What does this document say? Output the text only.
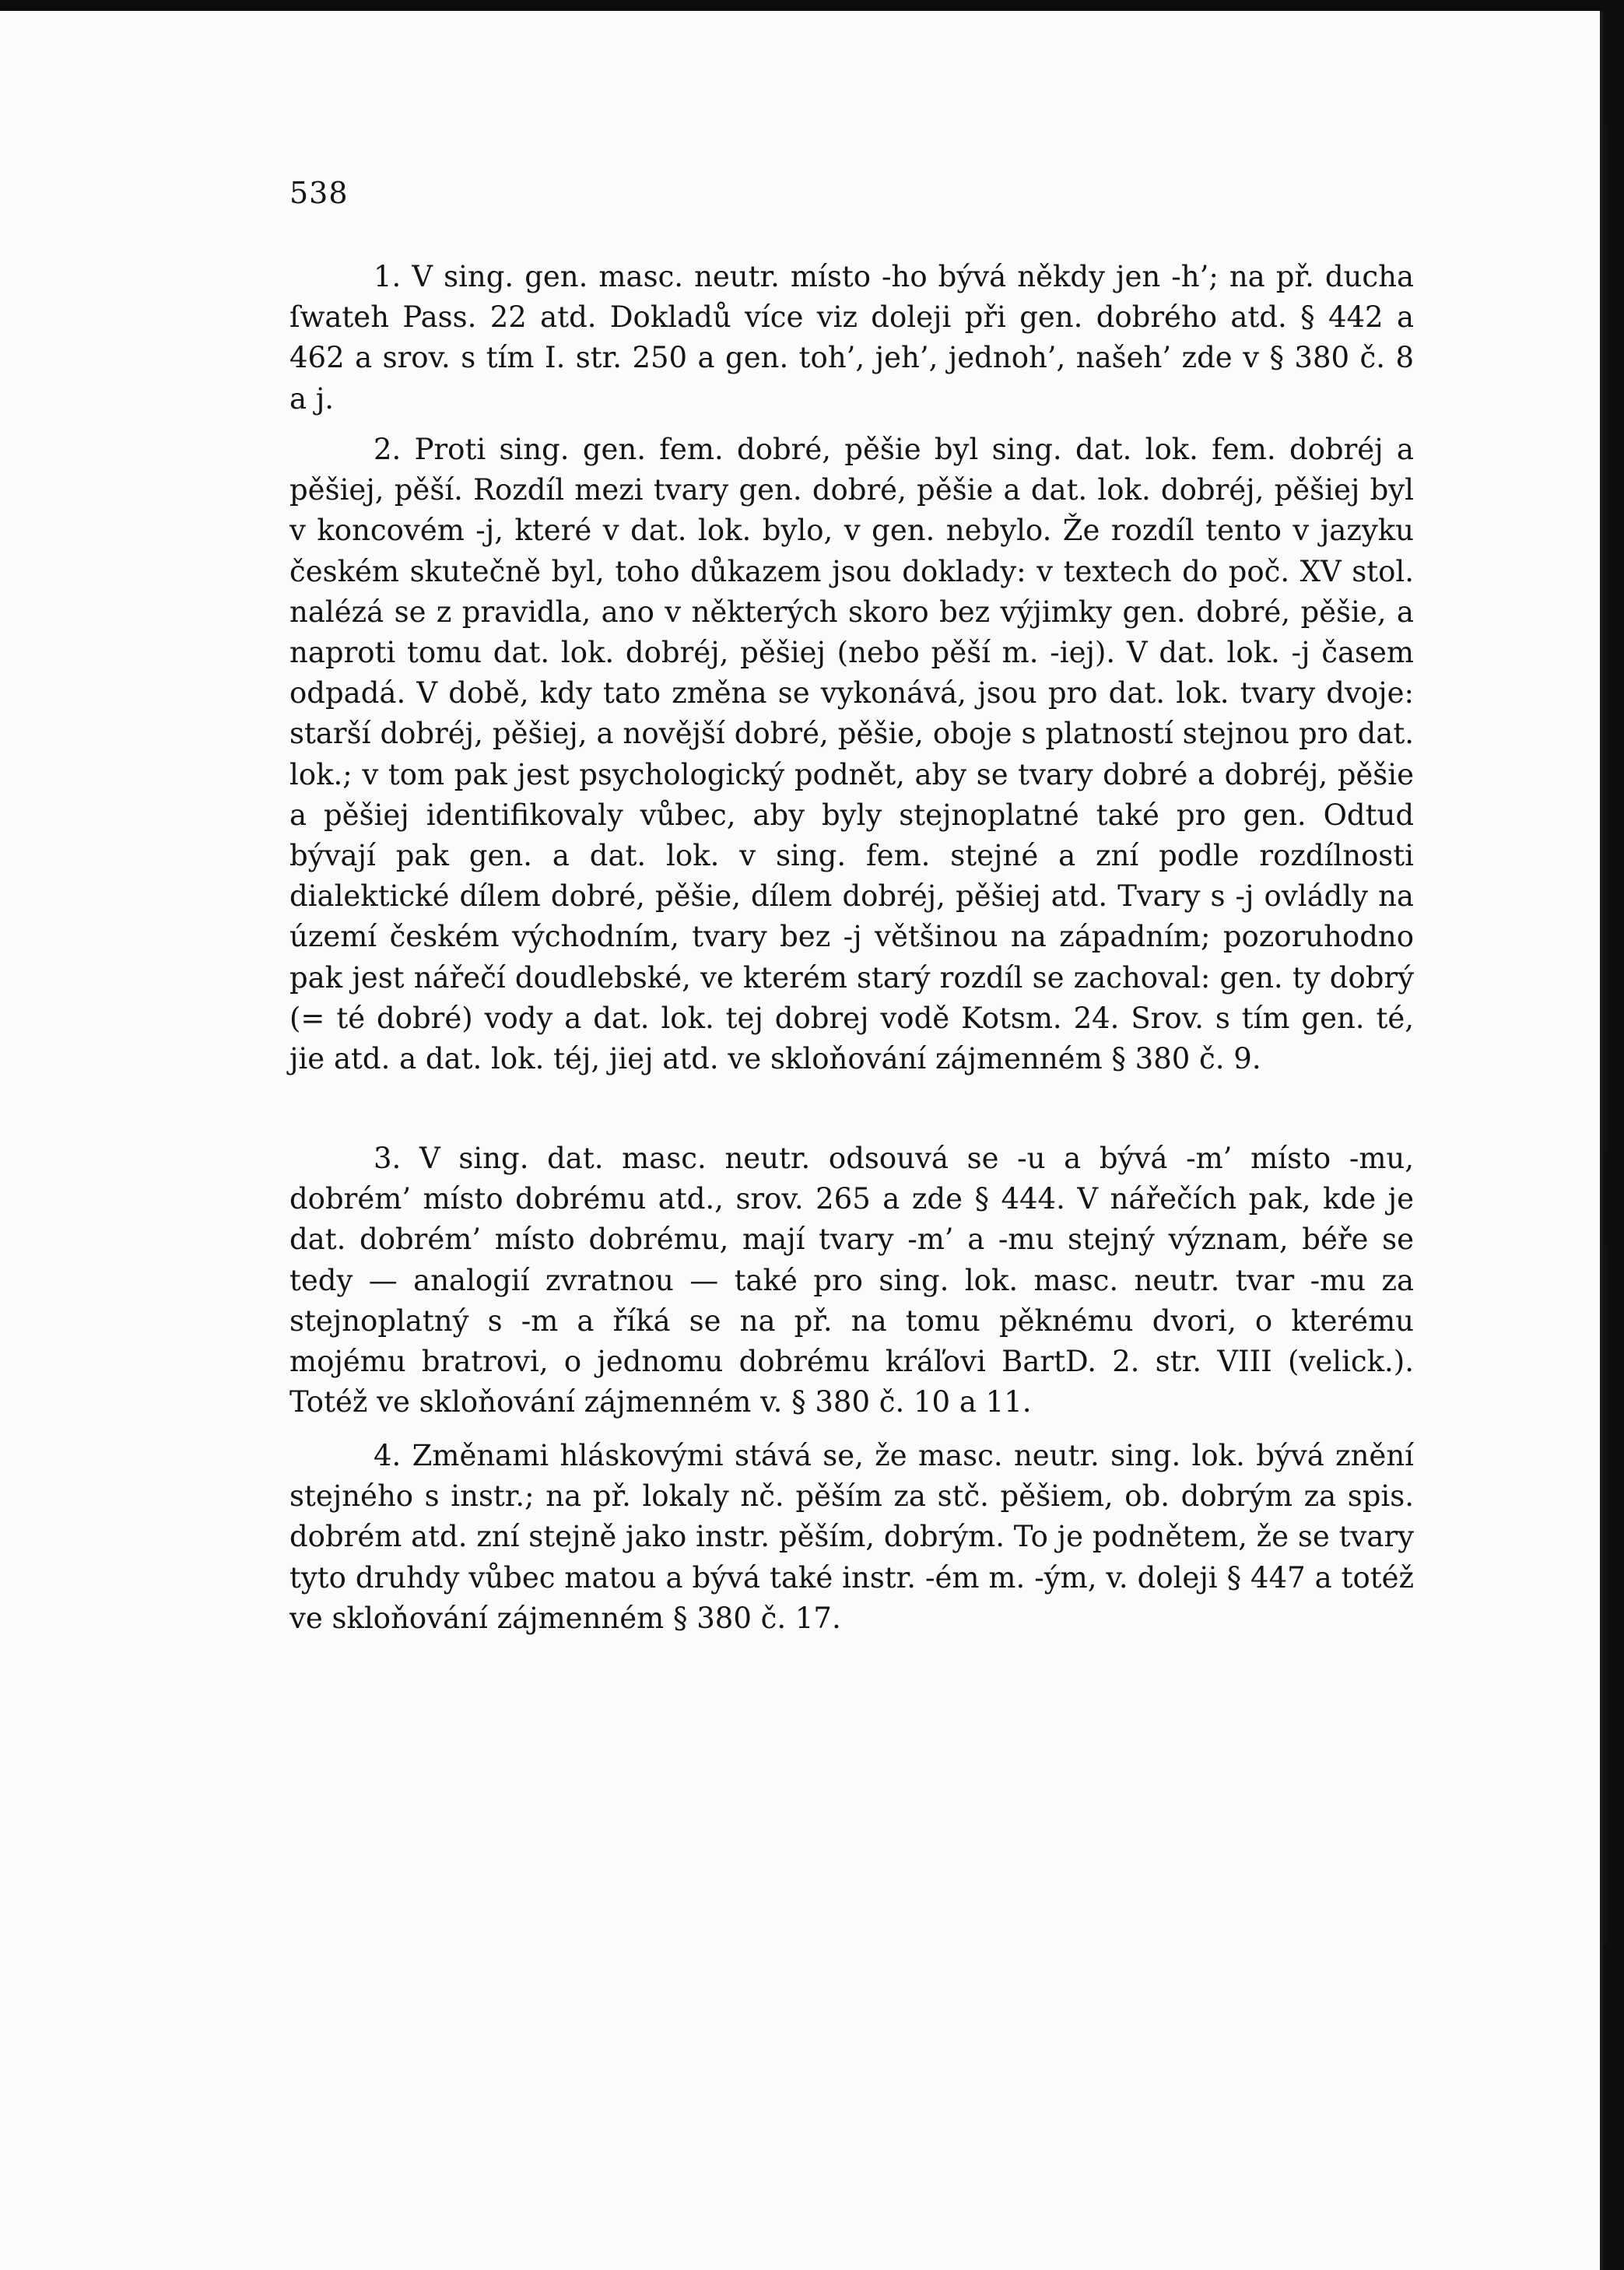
538

1. V sing. gen. masc. neutr. místo -ho bývá někdy jen -h’; na př. ducha ſwateh Pass. 22 atd. Dokladů více viz doleji při gen. dobrého atd. § 442 a 462 a srov. s tím I. str. 250 a gen. toh’, jeh’, jednoh’, našeh’ zde v § 380 č. 8 a j.

2. Proti sing. gen. fem. dobré, pěšie byl sing. dat. lok. fem. dobréj a pěšiej, pěší. Rozdíl mezi tvary gen. dobré, pěšie a dat. lok. dobréj, pěšiej byl v koncovém -j, které v dat. lok. bylo, v gen. nebylo. Že rozdíl tento v jazyku českém skutečně byl, toho důkazem jsou doklady: v textech do poč. XV stol. nalézá se z pravidla, ano v některých skoro bez výjimky gen. dobré, pěšie, a naproti tomu dat. lok. dobréj, pěšiej (nebo pěší m. -iej). V dat. lok. -j časem odpadá. V době, kdy tato změna se vykonává, jsou pro dat. lok. tvary dvoje: starší dobréj, pěšiej, a novější dobré, pěšie, oboje s platností stejnou pro dat. lok.; v tom pak jest psychologický podnět, aby se tvary dobré a dobréj, pěšie a pěšiej identifikovaly vůbec, aby byly stejnoplatné také pro gen. Odtud bývají pak gen. a dat. lok. v sing. fem. stejné a zní podle rozdílnosti dialektické dílem dobré, pěšie, dílem dobréj, pěšiej atd. Tvary s -j ovládly na území českém východním, tvary bez -j většinou na západním; pozoruhodno pak jest nářečí doudlebské, ve kterém starý rozdíl se zachoval: gen. ty dobrý (= té dobré) vody a dat. lok. tej dobrej vodě Kotsm. 24. Srov. s tím gen. té, jie atd. a dat. lok. téj, jiej atd. ve skloňování zájmenném § 380 č. 9.

3. V sing. dat. masc. neutr. odsouvá se -u a bývá -m’ místo -mu, dobrém’ místo dobrému atd., srov. 265 a zde § 444. V nářečích pak, kde je dat. dobrém’ místo dobrému, mají tvary -m’ a -mu stejný význam, béře se tedy — analogií zvratnou — také pro sing. lok. masc. neutr. tvar -mu za stejnoplatný s -m a říká se na př. na tomu pěknému dvori, o kterému mojému bratrovi, o jednomu dobrému kráľovi BartD. 2. str. VIII (velick.). Totéž ve skloňování zájmenném v. § 380 č. 10 a 11.

4. Změnami hláskovými stává se, že masc. neutr. sing. lok. bývá znění stejného s instr.; na př. lokaly nč. pěším za stč. pěšiem, ob. dobrým za spis. dobrém atd. zní stejně jako instr. pěším, dobrým. To je podnětem, že se tvary tyto druhdy vůbec matou a bývá také instr. -ém m. -ým, v. doleji § 447 a totéž ve skloňování zájmenném § 380 č. 17.
